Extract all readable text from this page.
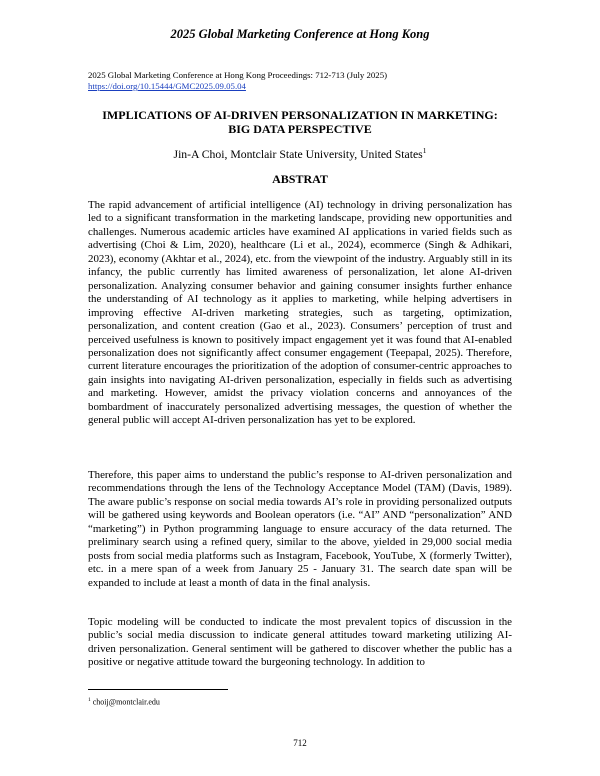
2025 Global Marketing Conference at Hong Kong
2025 Global Marketing Conference at Hong Kong Proceedings: 712-713 (July 2025)
https://doi.org/10.15444/GMC2025.09.05.04
IMPLICATIONS OF AI-DRIVEN PERSONALIZATION IN MARKETING:
BIG DATA PERSPECTIVE
Jin-A Choi, Montclair State University, United States$^1$
ABSTRAT

The rapid advancement of artificial intelligence (AI) technology in driving personalization has led to a significant transformation in the marketing landscape, providing new opportunities and challenges. Numerous academic articles have examined AI applications in varied fields such as advertising (Choi & Lim, 2020), healthcare (Li et al., 2024), ecommerce (Singh & Adhikari, 2023), economy (Akhtar et al., 2024), etc. from the viewpoint of the industry. Arguably still in its infancy, the public currently has limited awareness of personalization, let alone AI-driven personalization. Analyzing consumer behavior and gaining consumer insights further enhance the understanding of AI technology as it applies to marketing, while helping advertisers in improving effective AI-driven marketing strategies, such as targeting, optimization, personalization, and content creation (Gao et al., 2023). Consumers’ perception of trust and perceived usefulness is known to positively impact engagement yet it was found that AI-enabled personalization does not significantly affect consumer engagement (Teepapal, 2025). Therefore, current literature encourages the prioritization of the adoption of consumer-centric approaches to gain insights into navigating AI-driven personalization, especially in fields such as advertising and marketing. However, amidst the privacy violation concerns and annoyances of the bombardment of inaccurately personalized advertising messages, the question of whether the general public will accept AI-driven personalization has yet to be explored.

Therefore, this paper aims to understand the public’s response to AI-driven personalization and recommendations through the lens of the Technology Acceptance Model (TAM) (Davis, 1989). The aware public’s response on social media towards AI’s role in providing personalized outputs will be gathered using keywords and Boolean operators (i.e. “AI” AND “personalization” AND “marketing”) in Python programming language to ensure accuracy of the data returned. The preliminary search using a refined query, similar to the above, yielded in 29,000 social media posts from social media platforms such as Instagram, Facebook, YouTube, X (formerly Twitter), etc. in a mere span of a week from January 25 - January 31. The search date span will be expanded to include at least a month of data in the final analysis.

Topic modeling will be conducted to indicate the most prevalent topics of discussion in the public’s social media discussion to indicate general attitudes toward marketing utilizing AI-driven personalization. General sentiment will be gathered to discover whether the public has a positive or negative attitude toward the burgeoning technology. In addition to

$^1$ choij@montclair.edu
712
